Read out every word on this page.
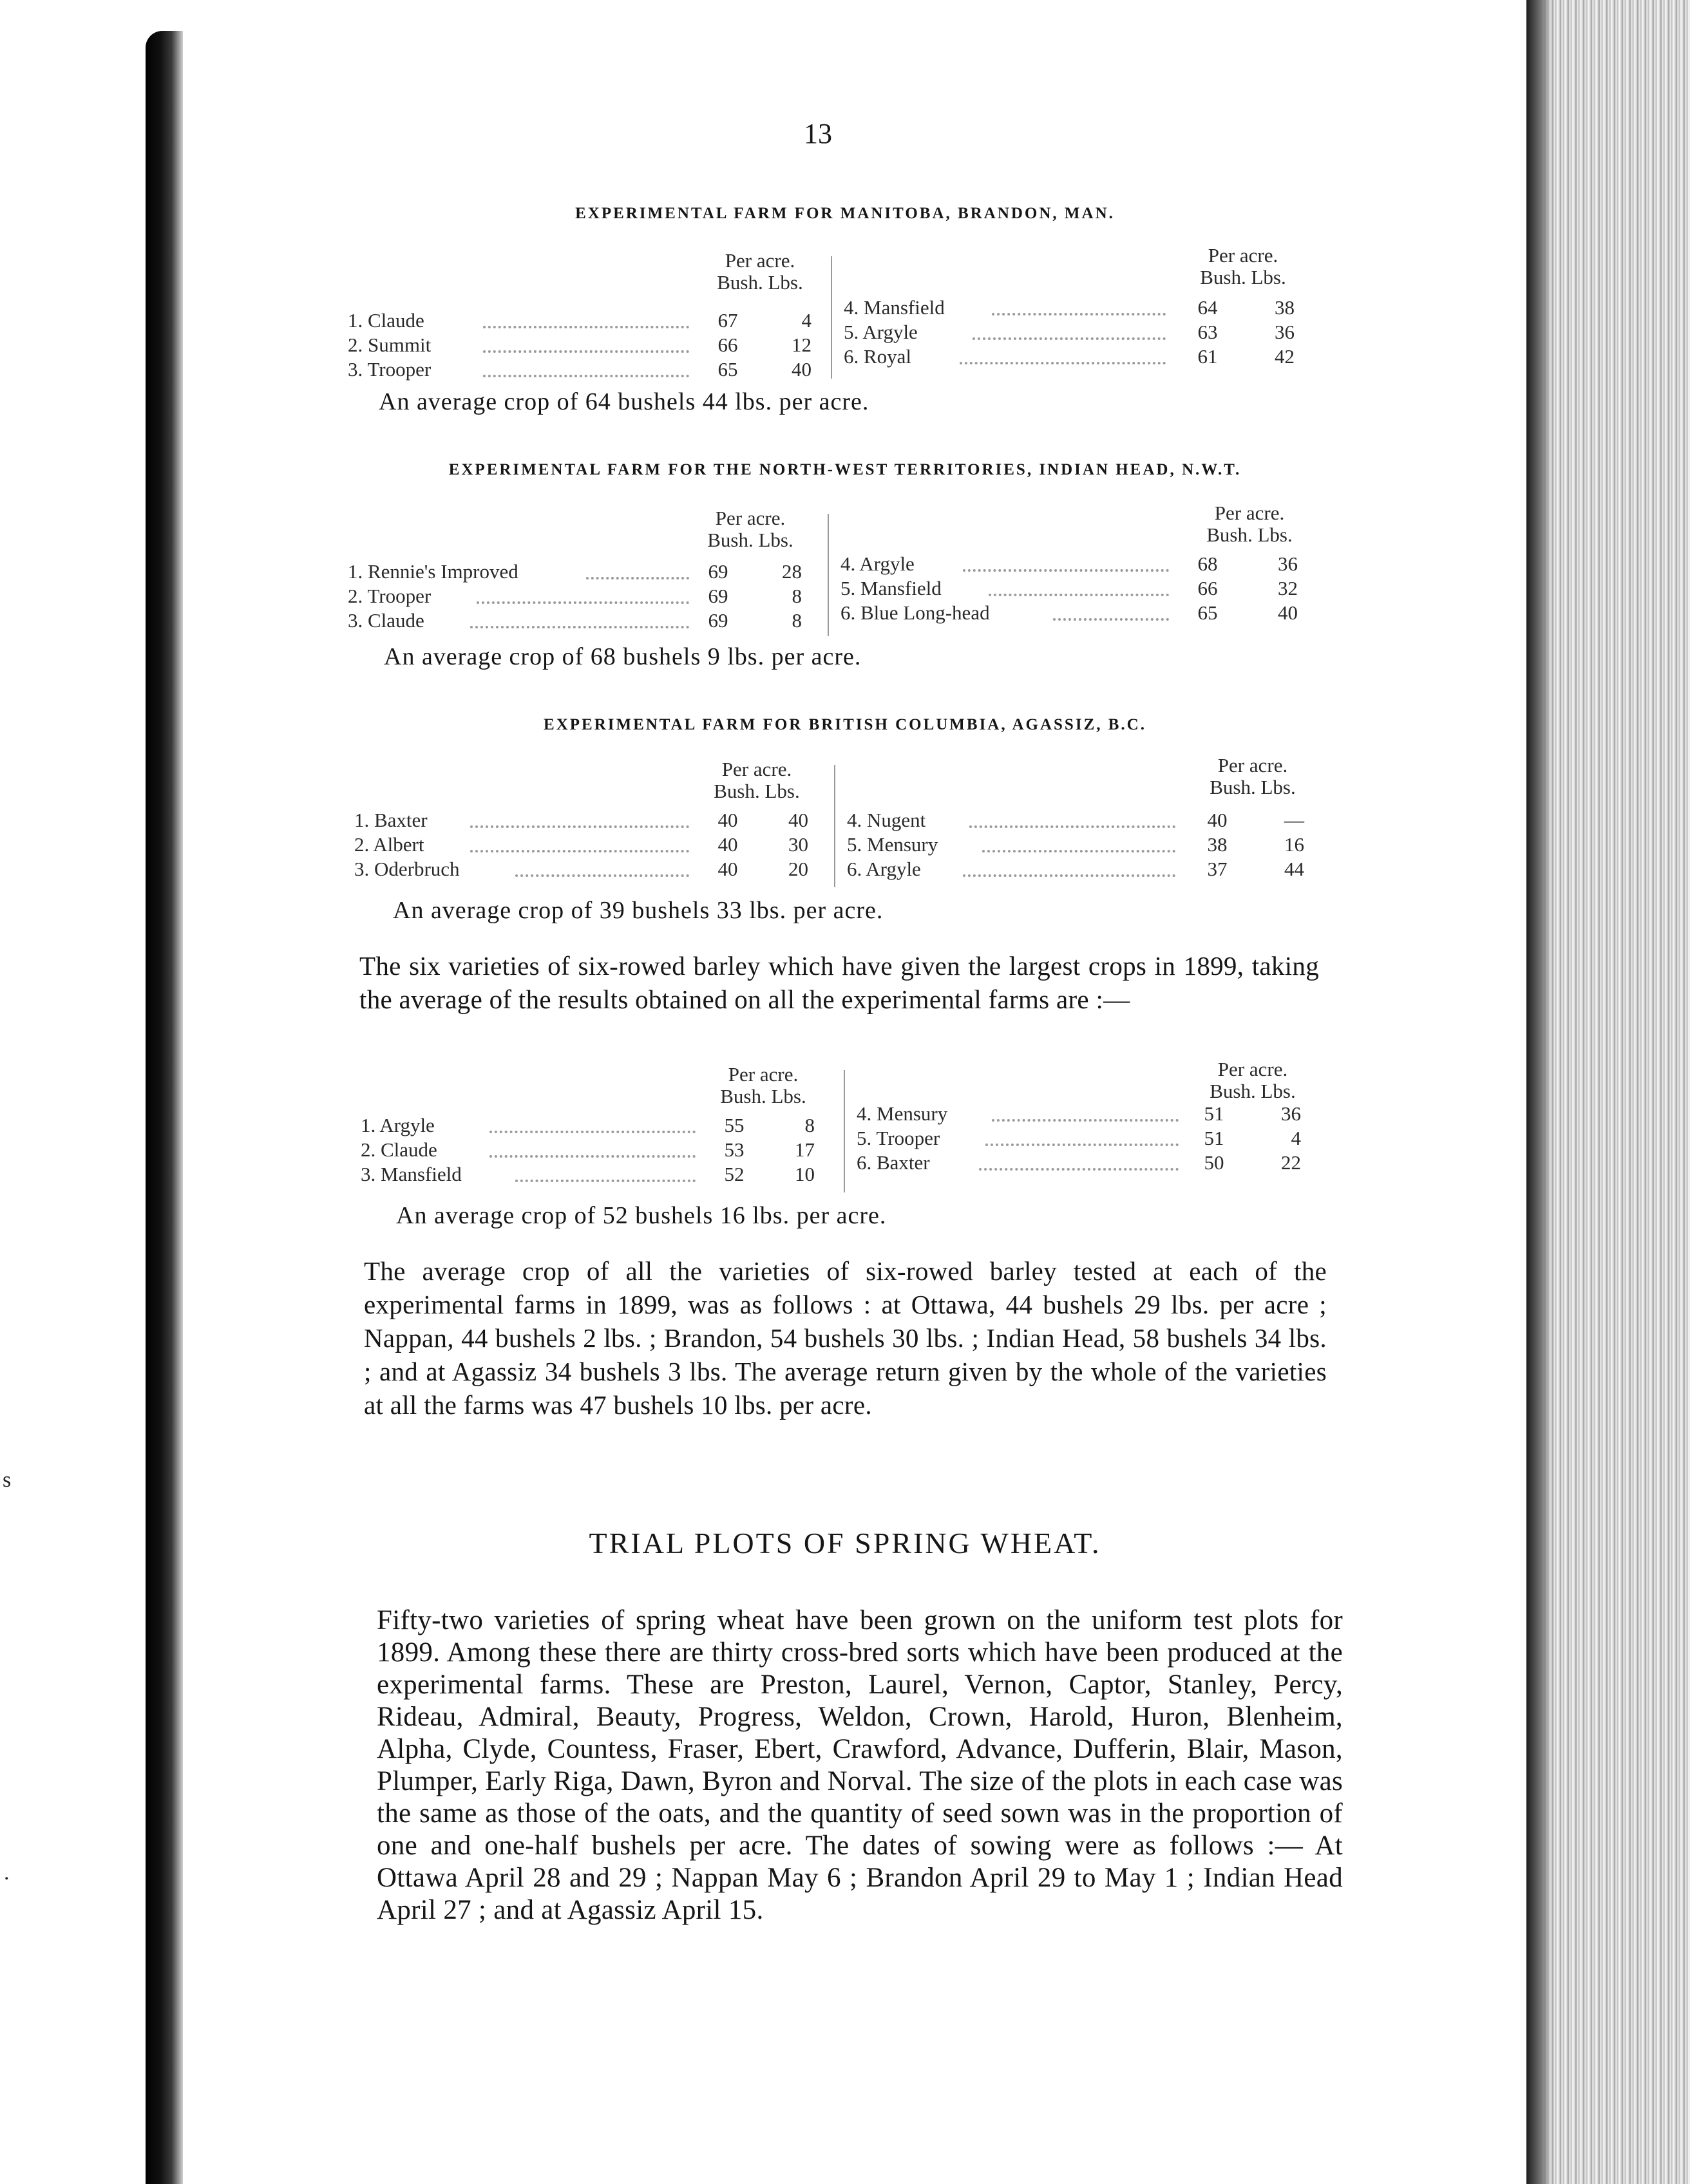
s
.
13
EXPERIMENTAL FARM FOR MANITOBA, BRANDON, MAN.
Per acre.
Bush. Lbs.
Per acre.
Bush. Lbs.
1. Claude	67	4
2. Summit	66	12
3. Trooper	65	40
4. Mansfield	64	38
5. Argyle	63	36
6. Royal	61	42
An average crop of 64 bushels 44 lbs. per acre.
EXPERIMENTAL FARM FOR THE NORTH-WEST TERRITORIES, INDIAN HEAD, N.W.T.
Per acre.
Bush. Lbs.
Per acre.
Bush. Lbs.
1. Rennie's Improved	69	28
2. Trooper	69	8
3. Claude	69	8
4. Argyle	68	36
5. Mansfield	66	32
6. Blue Long-head	65	40
An average crop of 68 bushels 9 lbs. per acre.
EXPERIMENTAL FARM FOR BRITISH COLUMBIA, AGASSIZ, B.C.
Per acre.
Bush. Lbs.
Per acre.
Bush. Lbs.
1. Baxter	40	40
2. Albert	40	30
3. Oderbruch	40	20
4. Nugent	40	—
5. Mensury	38	16
6. Argyle	37	44
An average crop of 39 bushels 33 lbs. per acre.
The six varieties of six-rowed barley which have given the largest crops in 1899, taking the average of the results obtained on all the experimental farms are :—
Per acre.
Bush. Lbs.
Per acre.
Bush. Lbs.
1. Argyle	55	8
2. Claude	53	17
3. Mansfield	52	10
4. Mensury	51	36
5. Trooper	51	4
6. Baxter	50	22
An average crop of 52 bushels 16 lbs. per acre.
The average crop of all the varieties of six-rowed barley tested at each of the experimental farms in 1899, was as follows : at Ottawa, 44 bushels 29 lbs. per acre ; Nappan, 44 bushels 2 lbs. ; Brandon, 54 bushels 30 lbs. ; Indian Head, 58 bushels 34 lbs. ; and at Agassiz 34 bushels 3 lbs. The average return given by the whole of the varieties at all the farms was 47 bushels 10 lbs. per acre.
TRIAL PLOTS OF SPRING WHEAT.
Fifty-two varieties of spring wheat have been grown on the uniform test plots for 1899. Among these there are thirty cross-bred sorts which have been produced at the experimental farms. These are Preston, Laurel, Vernon, Captor, Stanley, Percy, Rideau, Admiral, Beauty, Progress, Weldon, Crown, Harold, Huron, Blenheim, Alpha, Clyde, Countess, Fraser, Ebert, Crawford, Advance, Dufferin, Blair, Mason, Plumper, Early Riga, Dawn, Byron and Norval. The size of the plots in each case was the same as those of the oats, and the quantity of seed sown was in the proportion of one and one-half bushels per acre. The dates of sowing were as follows :— At Ottawa April 28 and 29 ; Nappan May 6 ; Brandon April 29 to May 1 ; Indian Head April 27 ; and at Agassiz April 15.
